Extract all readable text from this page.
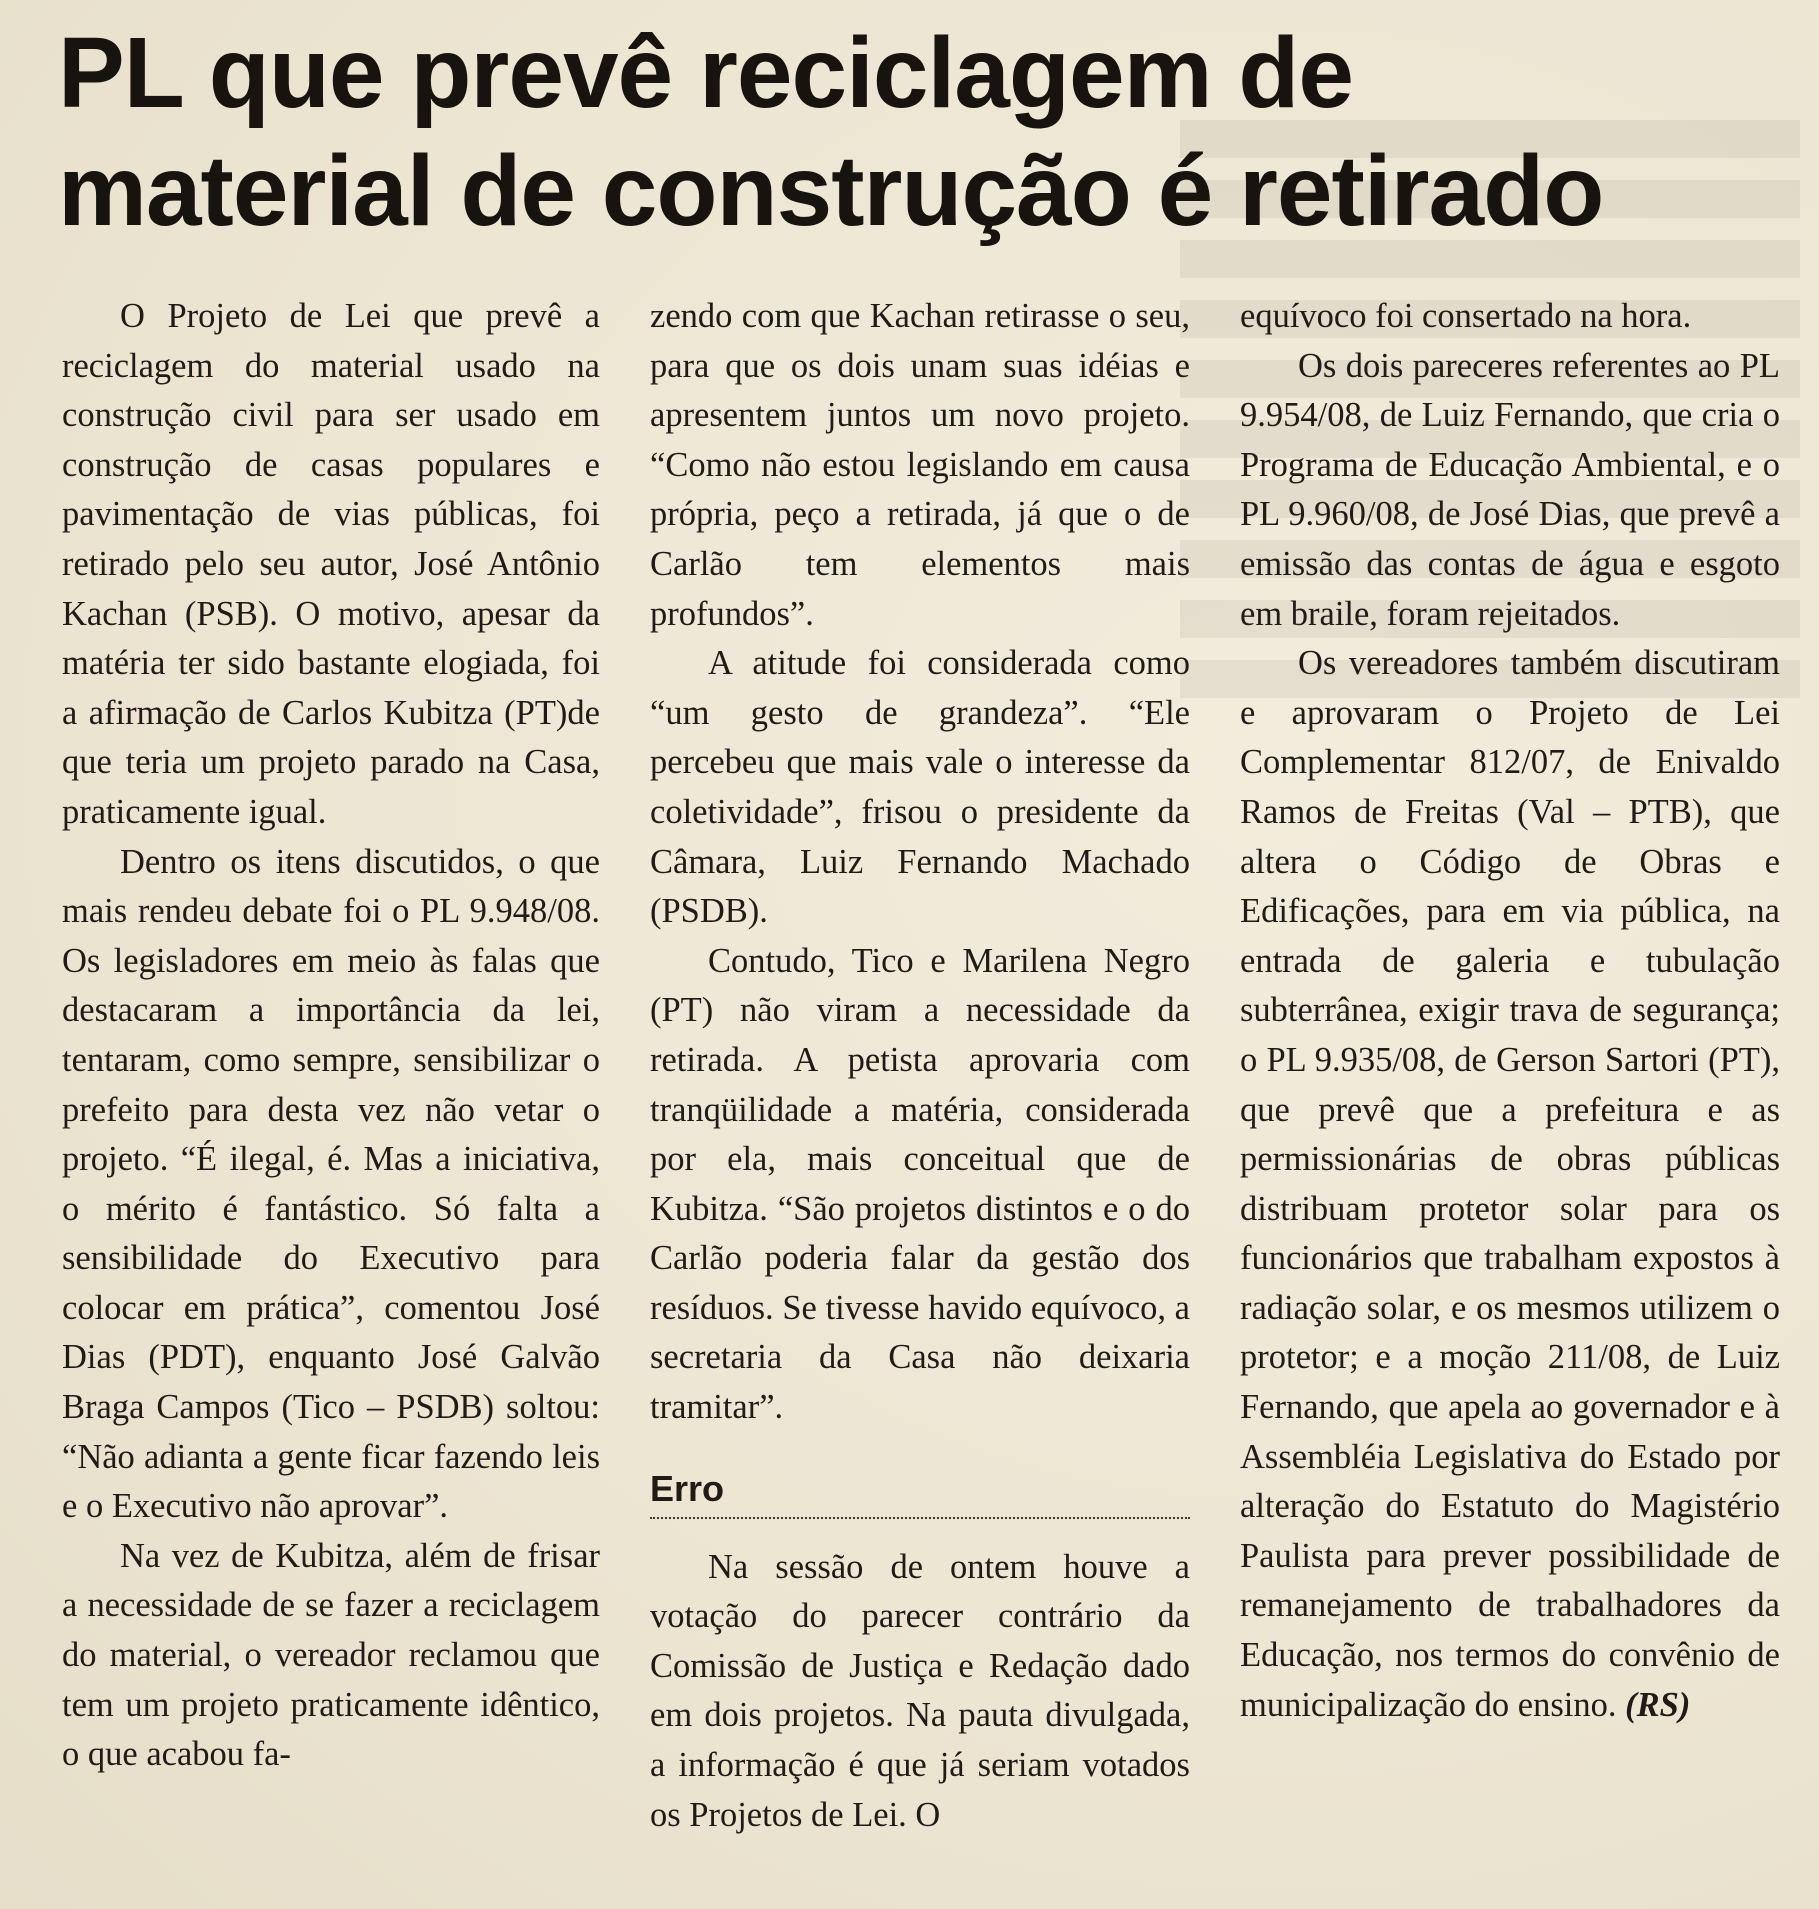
PL que prevê reciclagem de
material de construção é retirado

O Projeto de Lei que prevê a reciclagem do material usado na construção civil para ser usado em construção de casas populares e pavimentação de vias públicas, foi retirado pelo seu autor, José Antônio Kachan (PSB). O motivo, apesar da matéria ter sido bastante elogiada, foi a afirmação de Carlos Kubitza (PT)de que teria um projeto parado na Casa, praticamente igual.

Dentro os itens discutidos, o que mais rendeu debate foi o PL 9.948/08. Os legisladores em meio às falas que destacaram a importância da lei, tentaram, como sempre, sensibilizar o prefeito para desta vez não vetar o projeto. “É ilegal, é. Mas a iniciativa, o mérito é fantástico. Só falta a sensibilidade do Executivo para colocar em prática”, comentou José Dias (PDT), enquanto José Galvão Braga Campos (Tico – PSDB) soltou: “Não adianta a gente ficar fazendo leis e o Executivo não aprovar”.

Na vez de Kubitza, além de frisar a necessidade de se fazer a reciclagem do material, o vereador reclamou que tem um projeto praticamente idêntico, o que acabou fa-

zendo com que Kachan retirasse o seu, para que os dois unam suas idéias e apresentem juntos um novo projeto. “Como não estou legislando em causa própria, peço a retirada, já que o de Carlão tem elementos mais profundos”.

A atitude foi considerada como “um gesto de grandeza”. “Ele percebeu que mais vale o interesse da coletividade”, frisou o presidente da Câmara, Luiz Fernando Machado (PSDB).

Contudo, Tico e Marilena Negro (PT) não viram a necessidade da retirada. A petista aprovaria com tranqüilidade a matéria, considerada por ela, mais conceitual que de Kubitza. “São projetos distintos e o do Carlão poderia falar da gestão dos resíduos. Se tivesse havido equívoco, a secretaria da Casa não deixaria tramitar”.

Erro

Na sessão de ontem houve a votação do parecer contrário da Comissão de Justiça e Redação dado em dois projetos. Na pauta divulgada, a informação é que já seriam votados os Projetos de Lei. O

equívoco foi consertado na hora.

Os dois pareceres referentes ao PL 9.954/08, de Luiz Fernando, que cria o Programa de Educação Ambiental, e o PL 9.960/08, de José Dias, que prevê a emissão das contas de água e esgoto em braile, foram rejeitados.

Os vereadores também discutiram e aprovaram o Projeto de Lei Complementar 812/07, de Enivaldo Ramos de Freitas (Val – PTB), que altera o Código de Obras e Edificações, para em via pública, na entrada de galeria e tubulação subterrânea, exigir trava de segurança; o PL 9.935/08, de Gerson Sartori (PT), que prevê que a prefeitura e as permissionárias de obras públicas distribuam protetor solar para os funcionários que trabalham expostos à radiação solar, e os mesmos utilizem o protetor; e a moção 211/08, de Luiz Fernando, que apela ao governador e à Assembléia Legislativa do Estado por alteração do Estatuto do Magistério Paulista para prever possibilidade de remanejamento de trabalhadores da Educação, nos termos do convênio de municipalização do ensino. (RS)
